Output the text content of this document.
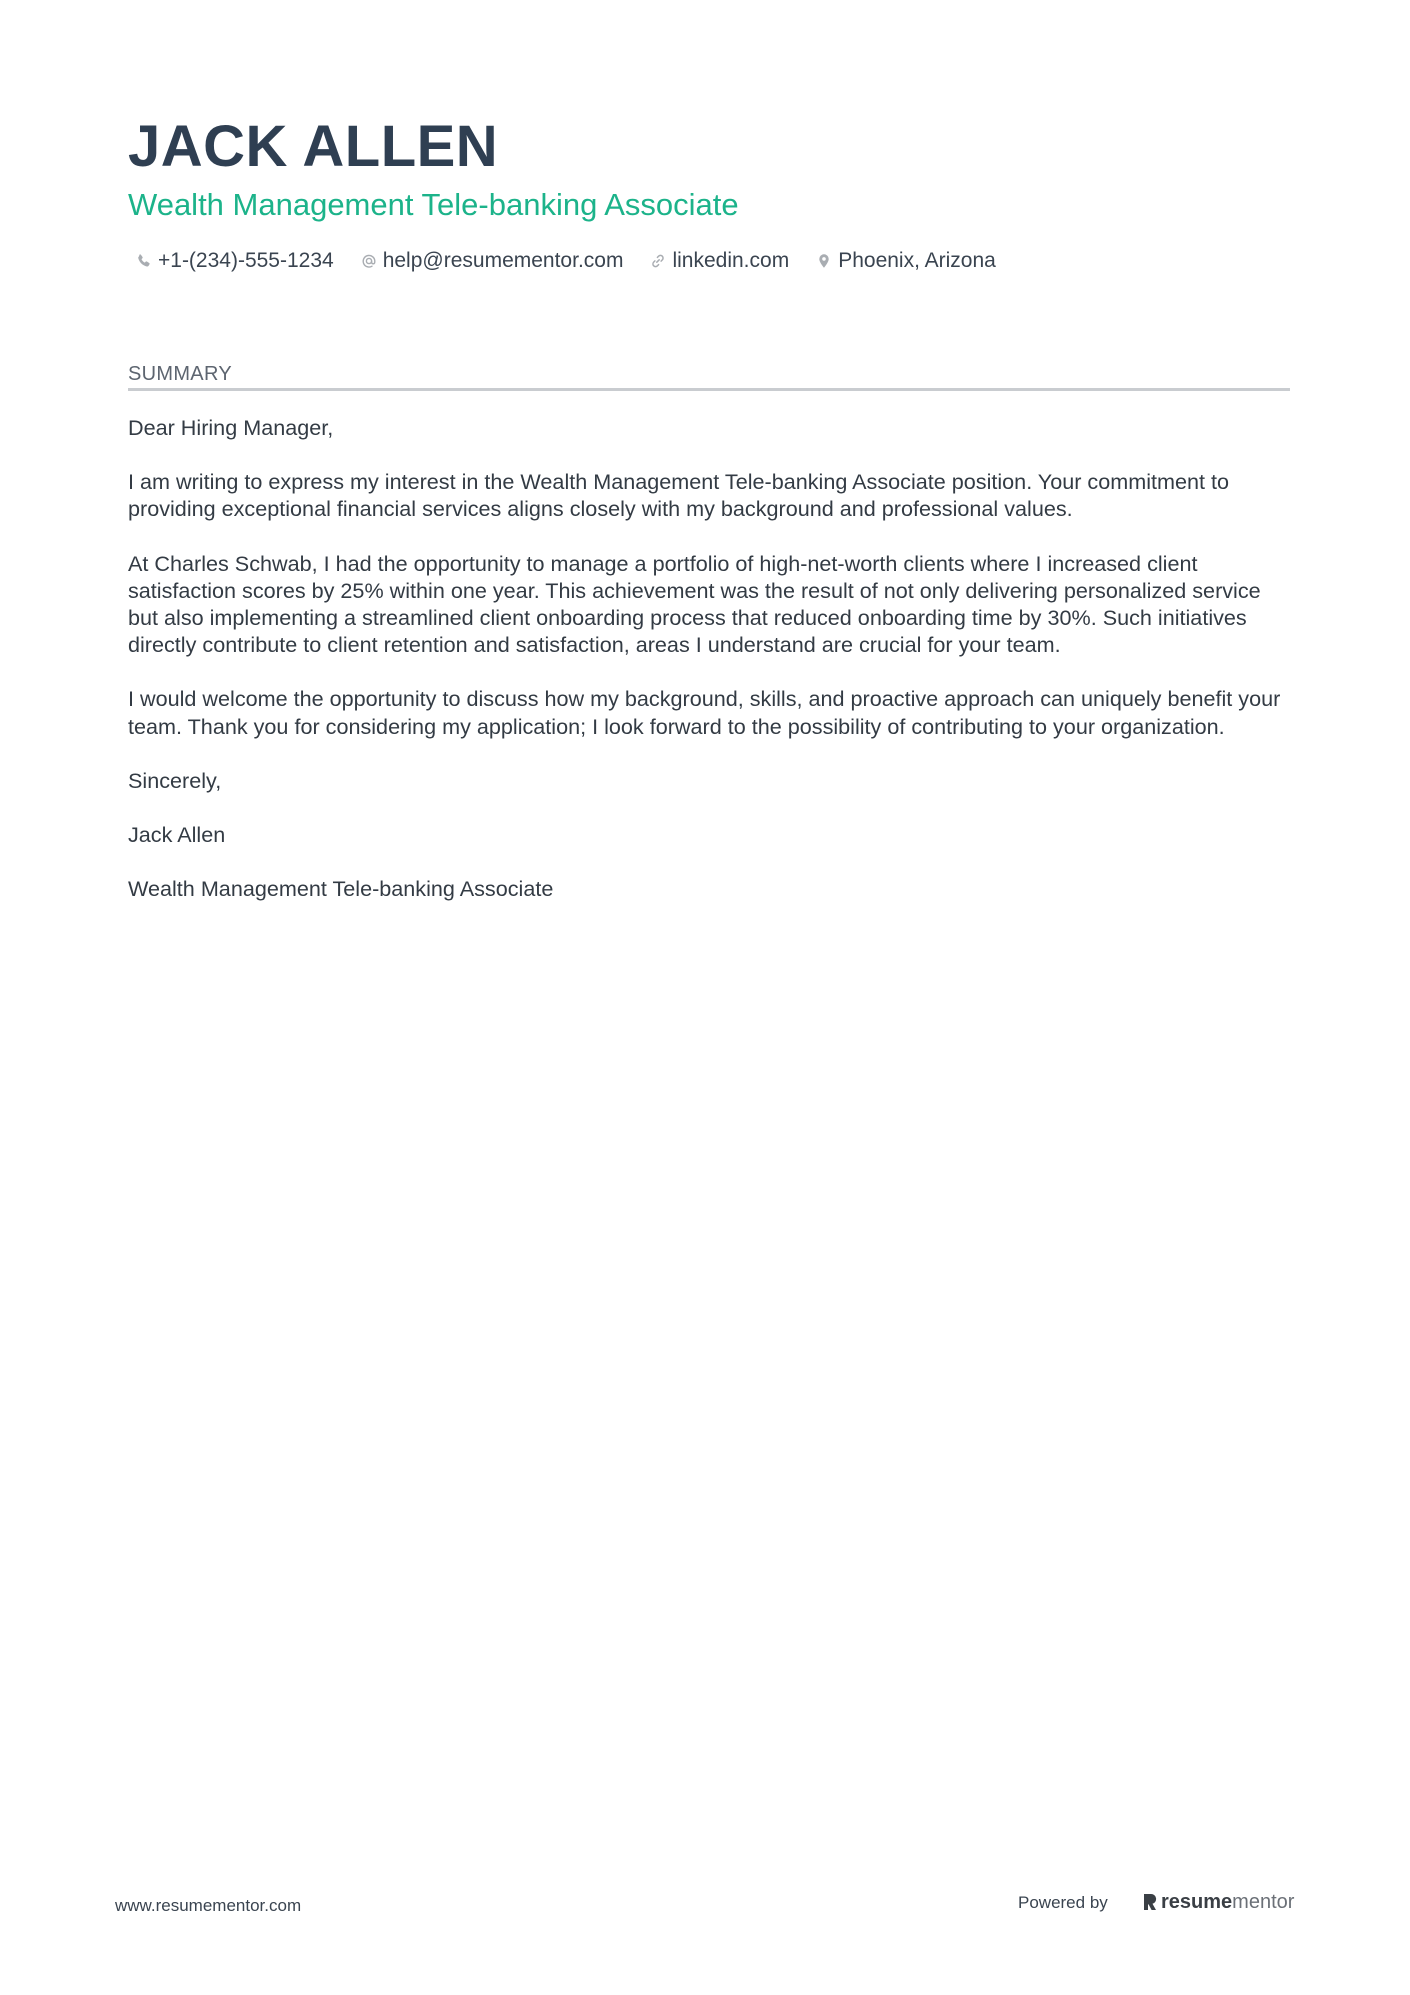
JACK ALLEN
Wealth Management Tele-banking Associate
+1-(234)-555-1234 help@resumementor.com linkedin.com Phoenix, Arizona
SUMMARY

Dear Hiring Manager,

I am writing to express my interest in the Wealth Management Tele-banking Associate position. Your commitment to providing exceptional financial services aligns closely with my background and professional values.

At Charles Schwab, I had the opportunity to manage a portfolio of high-net-worth clients where I increased client satisfaction scores by 25% within one year. This achievement was the result of not only delivering personalized service but also implementing a streamlined client onboarding process that reduced onboarding time by 30%. Such initiatives directly contribute to client retention and satisfaction, areas I understand are crucial for your team.

I would welcome the opportunity to discuss how my background, skills, and proactive approach can uniquely benefit your team. Thank you for considering my application; I look forward to the possibility of contributing to your organization.

Sincerely,

Jack Allen

Wealth Management Tele-banking Associate

www.resumementor.com	Powered by	resume mentor
